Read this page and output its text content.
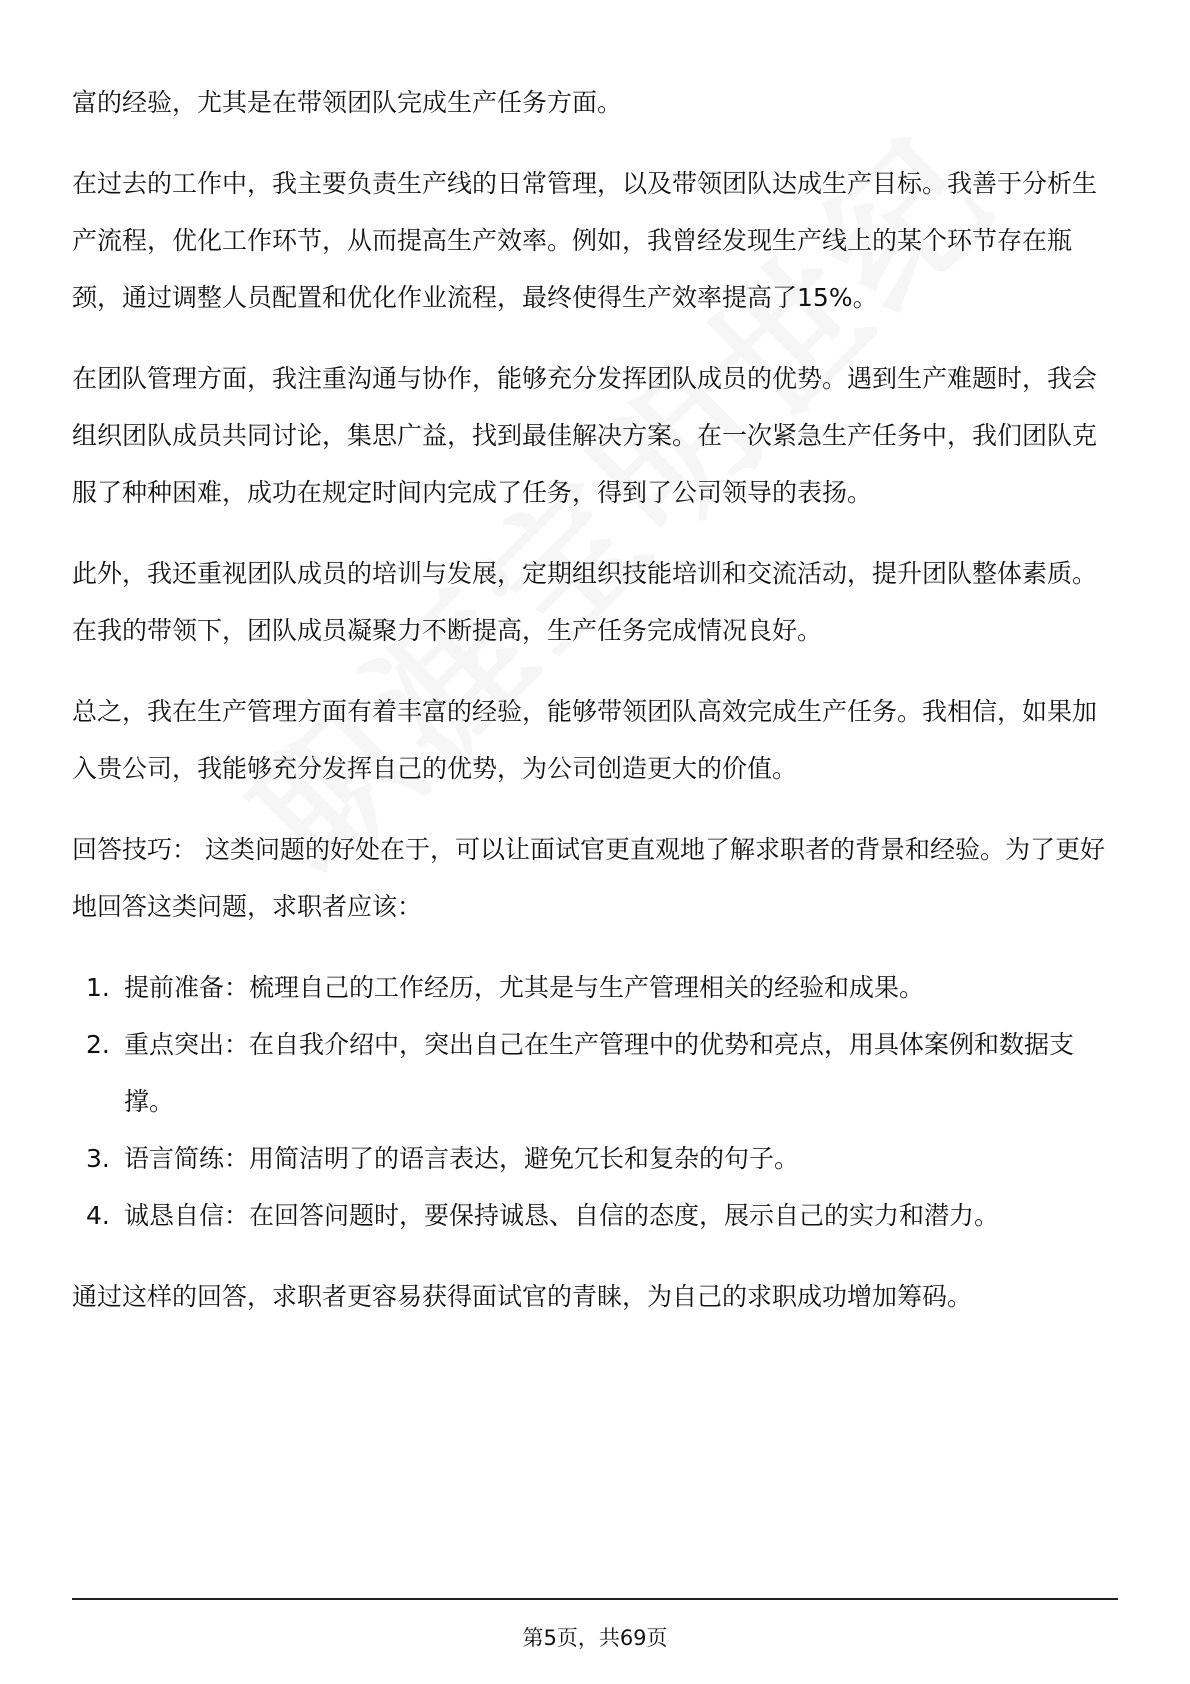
富的经验，尤其是在带领团队完成生产任务方面。

在过去的工作中，我主要负责生产线的日常管理，以及带领团队达成生产目标。我善于分析生产流程，优化工作环节，从而提高生产效率。例如，我曾经发现生产线上的某个环节存在瓶颈，通过调整人员配置和优化作业流程，最终使得生产效率提高了15%。

在团队管理方面，我注重沟通与协作，能够充分发挥团队成员的优势。遇到生产难题时，我会组织团队成员共同讨论，集思广益，找到最佳解决方案。在一次紧急生产任务中，我们团队克服了种种困难，成功在规定时间内完成了任务，得到了公司领导的表扬。

此外，我还重视团队成员的培训与发展，定期组织技能培训和交流活动，提升团队整体素质。在我的带领下，团队成员凝聚力不断提高，生产任务完成情况良好。

总之，我在生产管理方面有着丰富的经验，能够带领团队高效完成生产任务。我相信，如果加入贵公司，我能够充分发挥自己的优势，为公司创造更大的价值。

回答技巧： 这类问题的好处在于，可以让面试官更直观地了解求职者的背景和经验。为了更好地回答这类问题，求职者应该：

1. 提前准备：梳理自己的工作经历，尤其是与生产管理相关的经验和成果。
2. 重点突出：在自我介绍中，突出自己在生产管理中的优势和亮点，用具体案例和数据支撑。
3. 语言简练：用简洁明了的语言表达，避免冗长和复杂的句子。
4. 诚恳自信：在回答问题时，要保持诚恳、自信的态度，展示自己的实力和潜力。

通过这样的回答，求职者更容易获得面试官的青睐，为自己的求职成功增加筹码。

第5页，共69页
